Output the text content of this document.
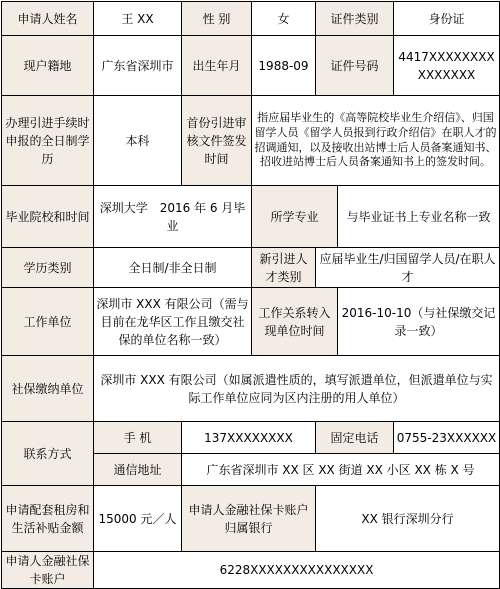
申请人姓名	王 XX	性 别	女	证件类别		身份证
现户籍地	广东省深圳市	出生年月	1988-09	证件号码		4417XXXXXXXXXXXXXXX
办理引进手续时申报的全日制学历	本科	首份引进审核文件签发时间	指应届毕业生的《高等院校毕业生介绍信》、归国留学人员《留学人员报到行政介绍信》在职人才的招调通知，以及接收出站博士后人员备案通知书、招收进站博士后人员备案通知书上的签发时间。			
毕业院校和时间	深圳大学　2016 年 6 月毕业		所学专业		与毕业证书上专业名称一致	
学历类别	全日制/非全日制		新引进人才类别	应届毕业生/归国留学人员/在职人才		
工作单位	深圳市 XXX 有限公司（需与目前在龙华区工作且缴交社保的单位名称一致）		工作关系转入现单位时间		2016-10-10（与社保缴交记录一致）	
社保缴纳单位	深圳市 XXX 有限公司（如属派遣性质的，填写派遣单位，但派遣单位与实际工作单位应同为区内注册的用人单位）					
联系方式	手 机	137XXXXXXXX		固定电话		0755-23XXXXXX
	通信地址	广东省深圳市 XX 区 XX 街道 XX 小区 XX 栋 X 号				
申请配套租房和生活补贴金额	15000 元／人	申请人金融社保卡账户归属银行		XX 银行深圳分行		
申请人金融社保卡账户	6228XXXXXXXXXXXXXXX					
